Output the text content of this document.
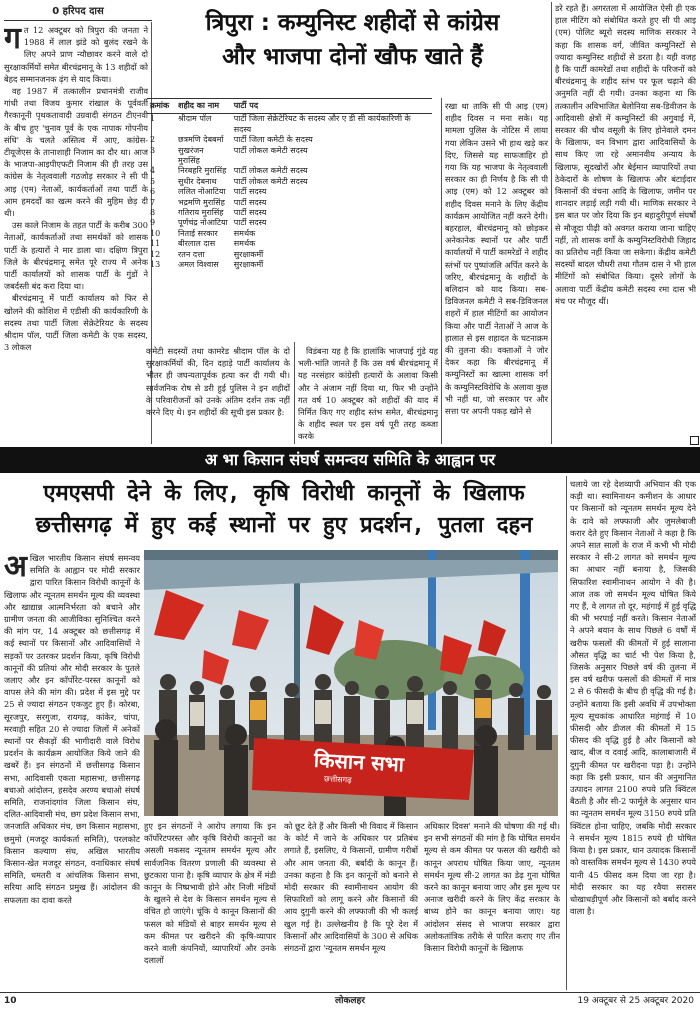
0 हरिपद दास	त्रिपुरा : कम्युनिस्ट शहीदों से कांग्रेस
और भाजपा दोनों खौफ खाते हैं
ग त 12 अक्टूबर को त्रिपुरा की जनता ने 1988 में लाल झंडे को बुलंद रखने के लिए अपने प्राण न्यौछावर करने वाले दो सुरक्षाकर्मियों समेत बीरचंद्रमानू के 13 शहीदों को बेहद सम्मानजनक ढ़ंग से याद किया।

वह 1987 में तत्कालीन प्रधानमंत्री राजीव गांधी तथा विजय कुमार रांखाल के पूर्ववर्ती गैरकानूनी पृथकतावादी उग्रवादी संगठन टीएनवी के बीच हुए 'चुनाव पूर्व के एक नापाक गोपनीय संधि' के चलते अस्तित्व में आए, कांग्रेस-टीयूजेएस के तानाशाही निजाम का दौर था। आज के भाजपा-आइपीएफटी निजाम की ही तरह उस कांग्रेस के नेतृत्ववाली गठजोड़ सरकार ने सी पी आइ (एम) नेताओं, कार्यकर्ताओं तथा पार्टी के आम हमदर्दों का खत्म करने की मुहिम छेड़ दी थी।

उस काले निजाम के तहत पार्टी के करीब 300 नेताओं, कार्यकर्ताओं तथा समर्थकों को शासक पार्टी के हत्यारों ने मार डाला था। दक्षिण त्रिपुरा जिले के बीरचंद्रमानू समेत पूरे राज्य में अनेक पार्टी कार्यालयों को शासक पार्टी के गुंडों ने जबर्दस्ती बंद करा दिया था।

बीरचंद्रमानू में पार्टी कार्यालय को फिर से खोलने की कोशिश में एडीसी की कार्यकारिणी के सदस्य तथा पार्टी जिला सेक्रेटेरियट के सदस्य श्रीदाम पॉल, पार्टी जिला कमेटी के एक सदस्य, 3 लोकल

क्रमांक	शहीद का नाम	पार्टी पद
1	श्रीदाम पॉल	पार्टी जिला सेक्रेटेरियट के सदस्य और ए डी सी कार्यकारिणी के सदस्य
2	छत्रमणि देबबर्मा	पार्टी जिला कमेटी के सदस्य
3	सुखरंजन मुरासिंह	पार्टी लोकल कमेटी सदस्य
4	निरबहरि मुरासिंह	पार्टी लोकल कमेटी सदस्य
5	सुधीर देबनाथ	पार्टी लोकल कमेटी सदस्य
6	ललित नोआटिया	पार्टी सदस्य
7	भद्रमणि मुरासिंह	पार्टी सदस्य
8	गतिराय मुरासिंह	पार्टी सदस्य
9	पूर्णचंद्र नोआटिया	पार्टी सदस्य
10	निताई सरकार	समर्थक
11	बीरलाल दास	समर्थक
12	रतन दत्ता	सुरक्षाकर्मी
13	अमल विश्वास	सुरक्षाकर्मी

कमेटी सदस्यों तथा कामरेड श्रीदाम पॉल के दो सुरक्षाकर्मियों की, दिन दहाड़े पार्टी कार्यालय के भीतर ही जघन्यतापूर्वक हत्या कर दी गयी थी। सार्वजनिक रोष से डरी हुई पुलिस ने इन शहीदों के परिवारीजनों को उनके अंतिम दर्शन तक नहीं करने दिए थे। इन शहीदों की सूची इस प्रकार है:

विडंबना यह है कि हालांकि भाजपाई गुंडे यह भली-भांति जानते हैं कि उस वर्ष बीरचंद्रमानू में यह नरसंहार कांग्रेसी हत्यारों के अलावा किसी और ने अंजाम नहीं दिया था, फिर भी उन्होंने गत वर्ष 10 अक्टूबर को शहीदों की याद में निर्मित किए गए शहीद स्तंभ समेत, बीरचंद्रमानू के शहीद स्थल पर इस वर्ष पूरी तरह कब्जा करके

रखा था ताकि सी पी आइ (एम) शहीद दिवस न मना सके। यह मामला पुलिस के नोटिस में लाया गया लेकिन उसने भी हाथ खड़े कर दिए, जिससे यह साफजाहिर हो गया कि यह भाजपा के नेतृत्ववाली सरकार का ही निर्णय है कि सी पी आइ (एम) को 12 अक्टूबर को शहीद दिवस मनाने के लिए केंद्रीय कार्यक्रम आयोजित नहीं करने देगी। बहरहाल, बीरचंद्रमानू को छोड़कर अनेकानेक स्थानों पर और पार्टी कार्यालयों में पार्टी कामरेडों ने शहीद स्तंभों पर पुष्पांजलि अर्पित करने के जरिए, बीरचंद्रमानू के शहीदों के बलिदान को याद किया। सब-डिविजनल कमेटी ने सब-डिविजनल शहरों में हाल मीटिंगों का आयोजन किया और पार्टी नेताओं ने आज के हालात से इस शहादत के घटनाक्रम की तुलना की। वक्ताओं ने जोर देकर कहा कि बीरचंद्रमानू में कम्युनिस्टों का खात्मा शासक वर्ग के कम्युनिस्टविरोधि के अलावा कुछ भी नहीं था, जो सरकार पर और सत्ता पर अपनी पकड़ खोने से

डरे रहते हैं। अगरतला में आयोजित ऐसी ही एक हाल मीटिंग को संबोधित करते हुए सी पी आइ (एम) पोलिट ब्यूरो सदस्य माणिक सरकार ने कहा कि शासक वर्ग, जीवित कम्युनिस्टों से ज्यादा कम्युनिस्ट शहीदों से डरता है। यही वजह है कि पार्टी कामरेडों तथा शहीदों के परिजनों को बीरचंद्रमानू के शहीद स्तंभ पर फूल चढ़ाने की अनुमति नहीं दी गयी। उनका कहना था कि तत्कालीन अविभाजित बेलोनिया सब-डिवीजन के आदिवासी क्षेत्रों में कम्युनिस्टों की अगुवाई में, सरकार की चौथ वसूली के लिए होनेवाले दमन के खिलाफ, वन विभाग द्वारा आदिवासियों के साथ किए जा रहे अमानवीय अन्याय के खिलाफ, सूदखोरों और बेईमान व्यापारियों तथा ठेकेदारों के शोषण के खिलाफ और बंटाईदार किसानों की वंचना आदि के खिलाफ, जमीन पर शानदार लड़ाई लड़ी गयी थी। माणिक सरकार ने इस बात पर जोर दिया कि इन बहादुरीपूर्ण संघर्षों से मौजूदा पीढ़ी को अवगत कराया जाना चाहिए नहीं, तो शासक वर्गों के कम्युनिस्टविरोधी जिहाद का प्रतिरोध नहीं किया जा सकेगा। केंद्रीय कमेटी सदस्यों बादल चौधरी तथा गौतम दास ने भी हाल मीटिंगों को संबोधित किया। दूसरे लोगों के अलावा पार्टी केंद्रीय कमेटी सदस्य रमा दास भी मंच पर मौजूद थीं।

अ भा किसान संघर्ष समन्वय समिति के आह्वान पर
एमएसपी देने के लिए, कृषि विरोधी कानूनों के खिलाफ
छत्तीसगढ़ में हुए कई स्थानों पर हुए प्रदर्शन, पुतला दहन
अ खिल भारतीय किसान संघर्ष समन्वय समिति के आह्वान पर मोदी सरकार द्वारा पारित किसान विरोधी कानूनों के खिलाफ और न्यूनतम समर्थन मूल्य की व्यवस्था और खाद्यान्न आत्मनिर्भरता को बचाने और ग्रामीण जनता की आजीविका सुनिश्चित करने की मांग पर, 14 अक्टूबर को छत्तीसगढ़ में कई स्थानों पर किसानों और आदिवासियों ने सड़कों पर उतरकर प्रदर्शन किया, कृषि विरोधी कानूनों की प्रतियां और मोदी सरकार के पुतले जलाए और इन कॉर्पोरेट-परस्त कानूनों को वापस लेने की मांग की। प्रदेश में इस मुद्दे पर 25 से ज्यादा संगठन एकजुट हुए हैं। कोरबा, सूरजपुर, सरगुजा, रायगढ़, कांकेर, चांपा, मरवाही सहित 20 से ज्यादा जिलों में अनेकों स्थानों पर सैकड़ों की भागीदारी वाले विरोध प्रदर्शन के कार्यक्रम आयोजित किये जाने की खबरें हैं। इन संगठनों में छत्तीसगढ़ किसान सभा, आदिवासी एकता महासभा, छत्तीसगढ़ बचाओ आंदोलन, हसदेव अरण्य बचाओ संघर्ष समिति, राजनांदगांव जिला किसान संघ, दलित-आदिवासी मंच, छग प्रदेश किसान सभा, जनजाति अधिकार मंच, छग किसान महासभा, छमुमो (मजदूर कार्यकर्ता समिति), परलकोट किसान कल्याण संघ, अखिल भारतीय किसान-खेत मजदूर संगठन, वनाधिकार संघर्ष समिति, धमतरी व आंचलिक किसान सभा, सरिया आदि संगठन प्रमुख हैं। आंदोलन की सफलता का दावा करते

किसान सभा
छत्तीसगढ़

हुए इन संगठनों ने आरोप लगाया कि इन कॉर्पोरेटपरस्त और कृषि विरोधी कानूनों का असली मकसद न्यूनतम समर्थन मूल्य और सार्वजनिक वितरण प्रणाली की व्यवस्था से छुटकारा पाना है। कृषि व्यापार के क्षेत्र में मंडी कानून के निष्प्रभावी होने और निजी मंडियों के खुलने से देश के किसान समर्थन मूल्य से वंचित हो जाएंगे। चूंकि ये कानून किसानों की फसल को मंडियों से बाहर समर्थन मूल्य से कम कीमत पर खरीदने की कृषि-व्यापार करने वाली कंपनियों, व्यापारियों और उनके दलालों

को छूट देते हैं और किसी भी विवाद में किसान के कोर्ट में जाने के अधिकार पर प्रतिबंध लगाते हैं, इसलिए, ये किसानों, ग्रामीण गरीबों और आम जनता की, बर्बादी के कानून हैं। उनका कहना है कि इन कानूनों को बनाने से मोदी सरकार की स्वामीनाथन आयोग की सिफारिशों को लागू करने और किसानों की आय दुगुनी करने की लफ्फाजी की भी कलई खुल गई है। उल्लेखनीय है कि पूरे देश में किसानों और आदिवासियों के 300 से अधिक संगठनों द्वारा 'न्यूनतम समर्थन मूल्य

अधिकार दिवस' मनाने की घोषणा की गई थी। इन सभी संगठनों की मांग है कि घोषित समर्थन मूल्य से कम कीमत पर फसल की खरीदी को कानून अपराध घोषित किया जाए, न्यूनतम समर्थन मूल्य सी-2 लागत का डेढ़ गुना घोषित करने का कानून बनाया जाए और इस मूल्य पर अनाज खरीदी करने के लिए केंद्र सरकार के बाध्य होने का कानून बनाया जाए। यह आंदोलन संसद से भाजपा सरकार द्वारा अलोकतांत्रिक तरीके से पारित कराए गए तीन किसान विरोधी कानूनों के खिलाफ

चलाये जा रहे देशव्यापी अभियान की एक कड़ी था। स्वामिनाथन कमीशन के आधार पर किसानों को न्यूनतम समर्थन मूल्य देने के दावे को लफ्फाजी और जुमलेबाजी करार देते हुए किसान नेताओं ने कहा है कि अपने सात सालों के राज में कभी भी मोदी सरकार ने सी-2 लागत को समर्थन मूल्य का आधार नहीं बनाया है, जिसकी सिफारिश स्वामीनाथन आयोग ने की है। आज तक जो समर्थन मूल्य घोषित किये गए हैं, वे लागत तो दूर, महंगाई में हुई वृद्धि की भी भरपाई नहीं करते। किसान नेताओं ने अपने बयान के साथ पिछले 6 वर्षों में खरीफ फसलों की कीमतों में हुई सालाना औसत वृद्धि का चार्ट भी पेश किया है, जिसके अनुसार पिछले वर्ष की तुलना में इस वर्ष खरीफ फसलों की कीमतों में मात्र 2 से 6 फीसदी के बीच ही वृद्धि की गई है। उन्होंने बताया कि इसी अवधि में उपभोक्ता मूल्य सूचकांक आधारित महंगाई में 10 फीसदी और डीजल की कीमतों में 15 फीसद की वृद्धि हुई है और किसानों को खाद, बीज व दवाई आदि, कालाबाजारी में दुगुनी कीमत पर खरीदना पड़ा है। उन्होंने कहा कि इसी प्रकार, धान की अनुमानित उत्पादन लागत 2100 रुपये प्रति क्विंटल बैठती है और सी-2 फार्मूले के अनुसार धान का न्यूनतम समर्थन मूल्य 3150 रुपये प्रति क्विंटल होना चाहिए, जबकि मोदी सरकार ने समर्थन मूल्य 1815 रुपये ही घोषित किया है। इस प्रकार, धान उत्पादक किसानों को वास्तविक समर्थन मूल्य से 1430 रुपये यानी 45 फीसद कम दिया जा रहा है। मोदी सरकार का यह रवैया सरासर धोखाधड़ीपूर्ण और किसानों को बर्बाद करने वाला है।

10	लोकलहर	19 अक्टूबर से 25 अक्टूबर 2020
